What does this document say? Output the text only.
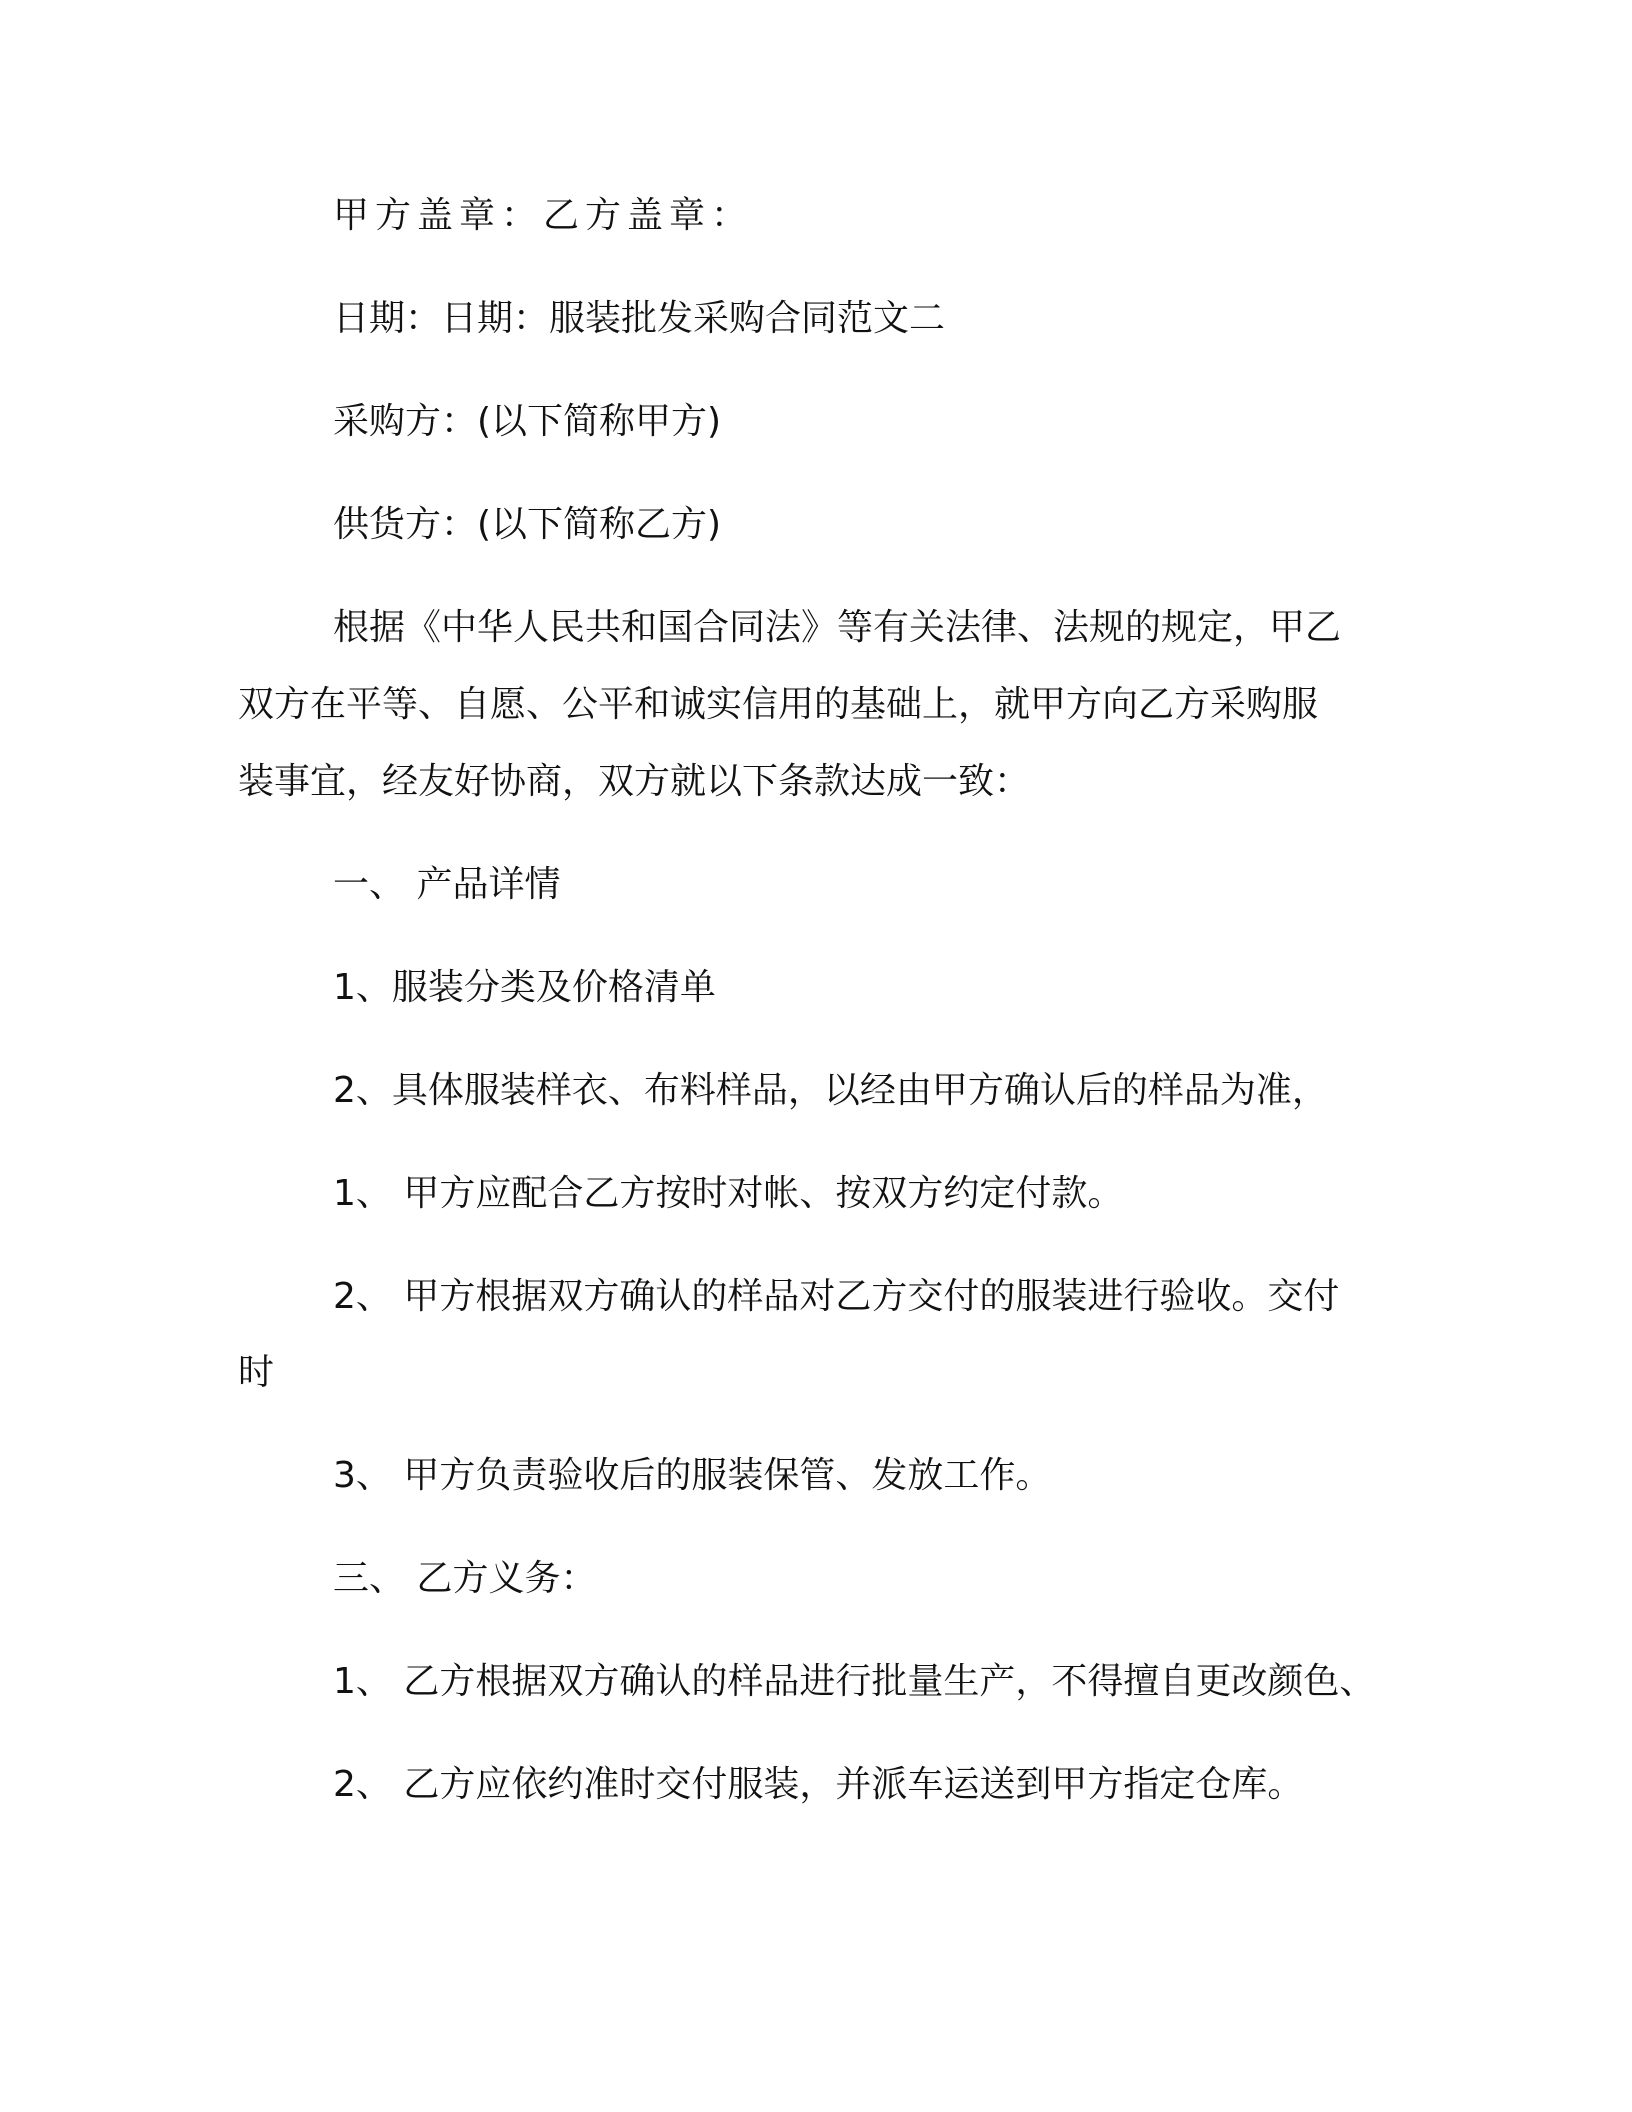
甲方盖章：乙方盖章：

日期：日期：服装批发采购合同范文二

采购方：(以下简称甲方)

供货方：(以下简称乙方)

根据《中华人民共和国合同法》等有关法律、法规的规定，甲乙

双方在平等、自愿、公平和诚实信用的基础上，就甲方向乙方采购服

装事宜，经友好协商，双方就以下条款达成一致：

一、 产品详情

1、服装分类及价格清单

2、具体服装样衣、布料样品，以经由甲方确认后的样品为准，

1、 甲方应配合乙方按时对帐、按双方约定付款。

2、 甲方根据双方确认的样品对乙方交付的服装进行验收。交付

时

3、 甲方负责验收后的服装保管、发放工作。

三、 乙方义务：

1、 乙方根据双方确认的样品进行批量生产，不得擅自更改颜色、

2、 乙方应依约准时交付服装，并派车运送到甲方指定仓库。
